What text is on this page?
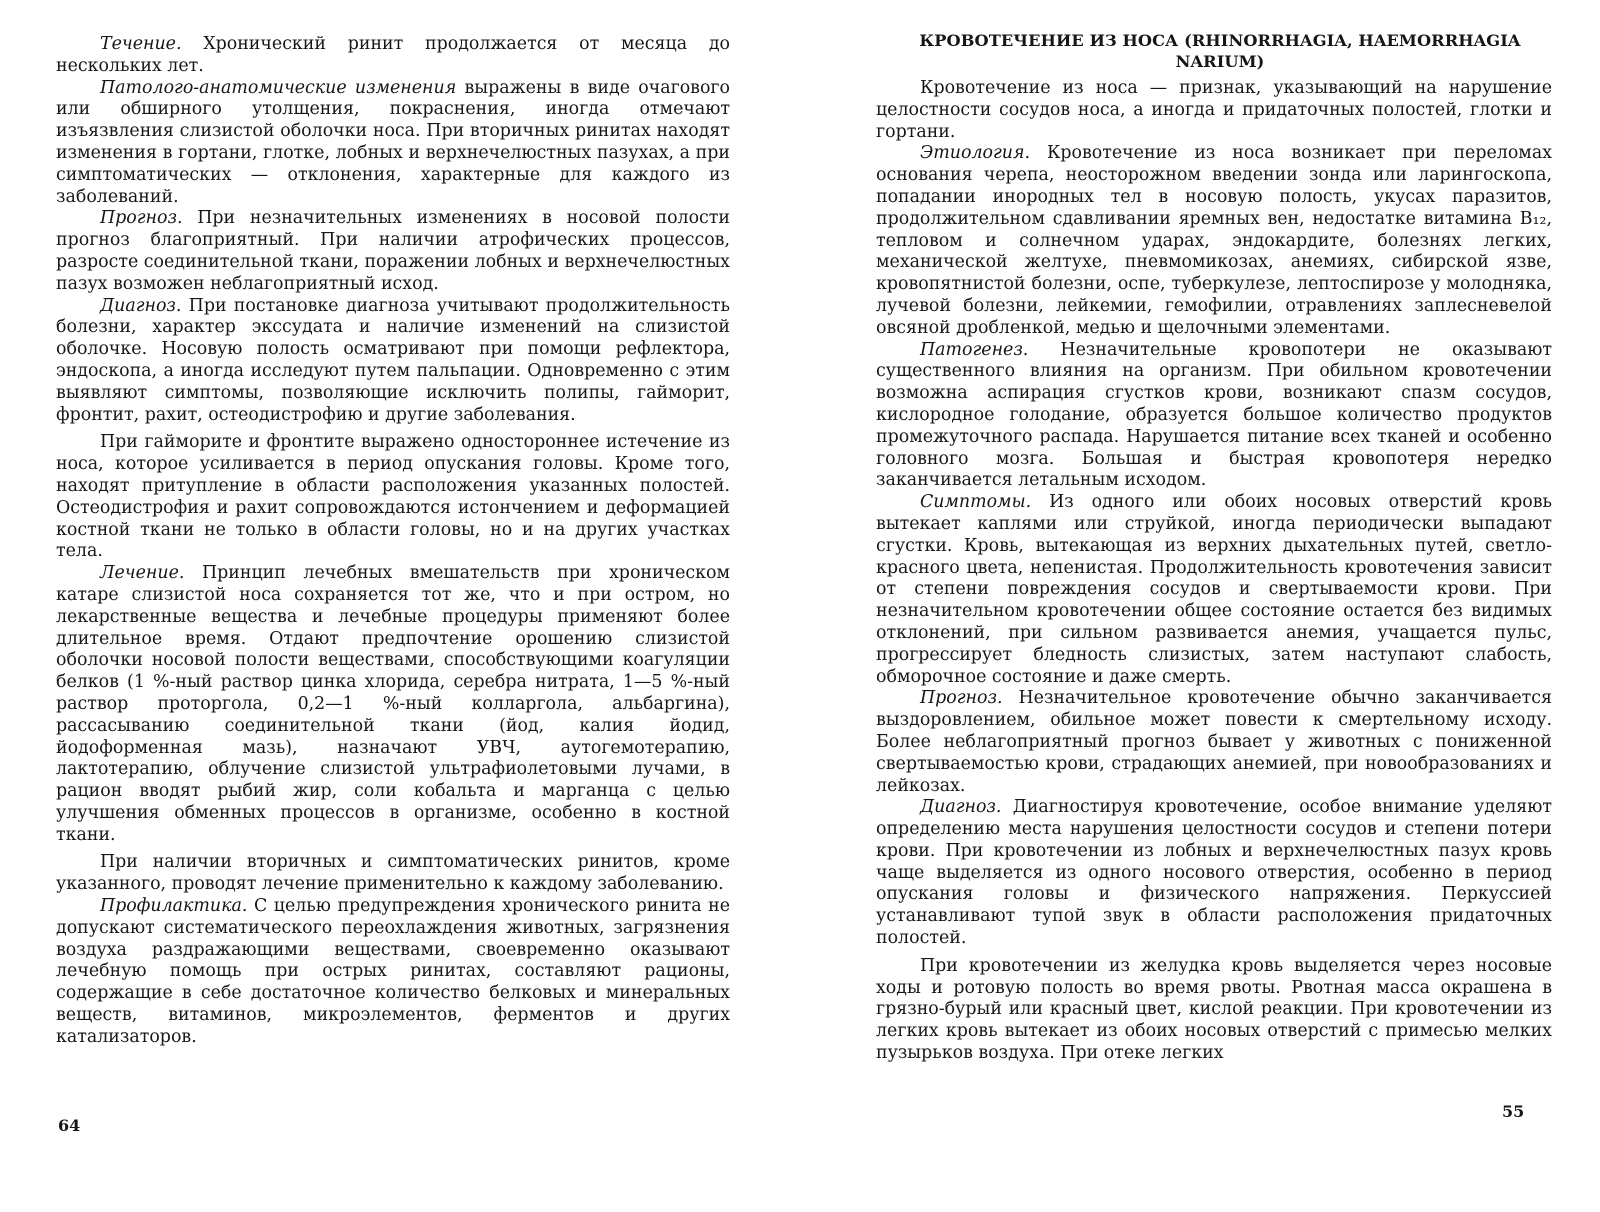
Течение. Хронический ринит продолжается от месяца до нескольких лет.

Патолого-анатомические изменения выражены в виде очагового или обширного утолщения, покраснения, иногда отмечают изъязвления слизистой оболочки носа. При вторичных ринитах находят изменения в гортани, глотке, лобных и верхнечелюстных пазухах, а при симптоматических — отклонения, характерные для каждого из заболеваний.

Прогноз. При незначительных изменениях в носовой полости прогноз благоприятный. При наличии атрофических процессов, разросте соединительной ткани, поражении лобных и верхнечелюстных пазух возможен неблагоприятный исход.

Диагноз. При постановке диагноза учитывают продолжительность болезни, характер экссудата и наличие изменений на слизистой оболочке. Носовую полость осматривают при помощи рефлектора, эндоскопа, а иногда исследуют путем пальпации. Одновременно с этим выявляют симптомы, позволяющие исключить полипы, гайморит, фронтит, рахит, остеодистрофию и другие заболевания.

При гайморите и фронтите выражено одностороннее истечение из носа, которое усиливается в период опускания головы. Кроме того, находят притупление в области расположения указанных полостей. Остеодистрофия и рахит сопровождаются истончением и деформацией костной ткани не только в области головы, но и на других участках тела.

Лечение. Принцип лечебных вмешательств при хроническом катаре слизистой носа сохраняется тот же, что и при остром, но лекарственные вещества и лечебные процедуры применяют более длительное время. Отдают предпочтение орошению слизистой оболочки носовой полости веществами, способствующими коагуляции белков (1 %-ный раствор цинка хлорида, серебра нитрата, 1—5 %-ный раствор проторгола, 0,2—1 %-ный колларгола, альбаргина), рассасыванию соединительной ткани (йод, калия йодид, йодоформенная мазь), назначают УВЧ, аутогемотерапию, лактотерапию, облучение слизистой ультрафиолетовыми лучами, в рацион вводят рыбий жир, соли кобальта и марганца с целью улучшения обменных процессов в организме, особенно в костной ткани.

При наличии вторичных и симптоматических ринитов, кроме указанного, проводят лечение применительно к каждому заболеванию.

Профилактика. С целью предупреждения хронического ринита не допускают систематического переохлаждения животных, загрязнения воздуха раздражающими веществами, своевременно оказывают лечебную помощь при острых ринитах, составляют рационы, содержащие в себе достаточное количество белковых и минеральных веществ, витаминов, микроэлементов, ферментов и других катализаторов.

64
КРОВОТЕЧЕНИЕ ИЗ НОСА (RHINORRHAGIA, HAEMORRHAGIA NARIUM)

Кровотечение из носа — признак, указывающий на нарушение целостности сосудов носа, а иногда и придаточных полостей, глотки и гортани.

Этиология. Кровотечение из носа возникает при переломах основания черепа, неосторожном введении зонда или ларингоскопа, попадании инородных тел в носовую полость, укусах паразитов, продолжительном сдавливании яремных вен, недостатке витамина B₁₂, тепловом и солнечном ударах, эндокардите, болезнях легких, механической желтухе, пневмомикозах, анемиях, сибирской язве, кровопятнистой болезни, оспе, туберкулезе, лептоспирозе у молодняка, лучевой болезни, лейкемии, гемофилии, отравлениях заплесневелой овсяной дробленкой, медью и щелочными элементами.

Патогенез. Незначительные кровопотери не оказывают существенного влияния на организм. При обильном кровотечении возможна аспирация сгустков крови, возникают спазм сосудов, кислородное голодание, образуется большое количество продуктов промежуточного распада. Нарушается питание всех тканей и особенно головного мозга. Большая и быстрая кровопотеря нередко заканчивается летальным исходом.

Симптомы. Из одного или обоих носовых отверстий кровь вытекает каплями или струйкой, иногда периодически выпадают сгустки. Кровь, вытекающая из верхних дыхательных путей, светло-красного цвета, непенистая. Продолжительность кровотечения зависит от степени повреждения сосудов и свертываемости крови. При незначительном кровотечении общее состояние остается без видимых отклонений, при сильном развивается анемия, учащается пульс, прогрессирует бледность слизистых, затем наступают слабость, обморочное состояние и даже смерть.

Прогноз. Незначительное кровотечение обычно заканчивается выздоровлением, обильное может повести к смертельному исходу. Более неблагоприятный прогноз бывает у животных с пониженной свертываемостью крови, страдающих анемией, при новообразованиях и лейкозах.

Диагноз. Диагностируя кровотечение, особое внимание уделяют определению места нарушения целостности сосудов и степени потери крови. При кровотечении из лобных и верхнечелюстных пазух кровь чаще выделяется из одного носового отверстия, особенно в период опускания головы и физического напряжения. Перкуссией устанавливают тупой звук в области расположения придаточных полостей.

При кровотечении из желудка кровь выделяется через носовые ходы и ротовую полость во время рвоты. Рвотная масса окрашена в грязно-бурый или красный цвет, кислой реакции. При кровотечении из легких кровь вытекает из обоих носовых отверстий с примесью мелких пузырьков воздуха. При отеке легких

55
